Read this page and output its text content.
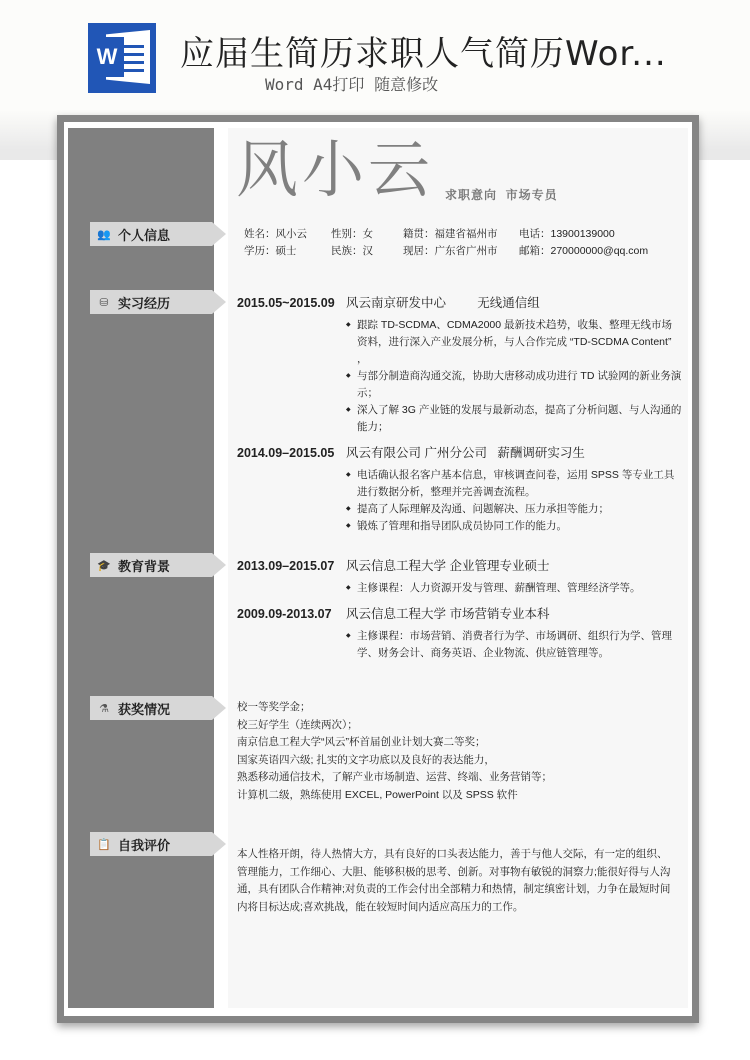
W 应届生简历求职人气简历Wor...
Word A4打印 随意修改
风小云 求职意向  市场专员
👥 个人信息	姓名：风小云	性别：女	籍贯：福建省福州市	电话：13900139000
学历：硕士	民族：汉	现居：广东省广州市	邮箱：270000000@qq.com
⛁ 实习经历	2015.05~2015.09 风云南京研发中心         无线通信组
◆ 跟踪 TD-SCDMA、CDMA2000 最新技术趋势，收集、整理无线市场资料，进行深入产业发展分析，与人合作完成 “TD-SCDMA Content” ，
◆ 与部分制造商沟通交流，协助大唐移动成功进行 TD 试验网的新业务演示；
◆ 深入了解 3G 产业链的发展与最新动态，提高了分析问题、与人沟通的能力；
2014.09–2015.05 风云有限公司 广州分公司   薪酬调研实习生
◆ 电话确认报名客户基本信息，审核调查问卷，运用 SPSS 等专业工具进行数据分析，整理并完善调查流程。
◆ 提高了人际理解及沟通、问题解决、压力承担等能力；
◆ 锻炼了管理和指导团队成员协同工作的能力。
🎓 教育背景	2013.09–2015.07 风云信息工程大学 企业管理专业硕士
◆ 主修课程：人力资源开发与管理、薪酬管理、管理经济学等。
2009.09-2013.07 风云信息工程大学 市场营销专业本科
◆ 主修课程：市场营销、消费者行为学、市场调研、组织行为学、管理学、财务会计、商务英语、企业物流、供应链管理等。
⚗ 获奖情况	校一等奖学金；
校三好学生（连续两次）；
南京信息工程大学“风云”杯首届创业计划大赛二等奖；
国家英语四六级; 扎实的文字功底以及良好的表达能力，
熟悉移动通信技术，了解产业市场制造、运营、终端、业务营销等；
计算机二级，熟练使用 EXCEL, PowerPoint 以及 SPSS 软件
📋 自我评价
本人性格开朗，待人热情大方，具有良好的口头表达能力，善于与他人交际，有一定的组织、管理能力，工作细心、大胆、能够积极的思考、创新。对事物有敏锐的洞察力;能很好得与人沟通，具有团队合作精神;对负责的工作会付出全部精力和热情，制定缜密计划，力争在最短时间内将目标达成;喜欢挑战，能在较短时间内适应高压力的工作。
